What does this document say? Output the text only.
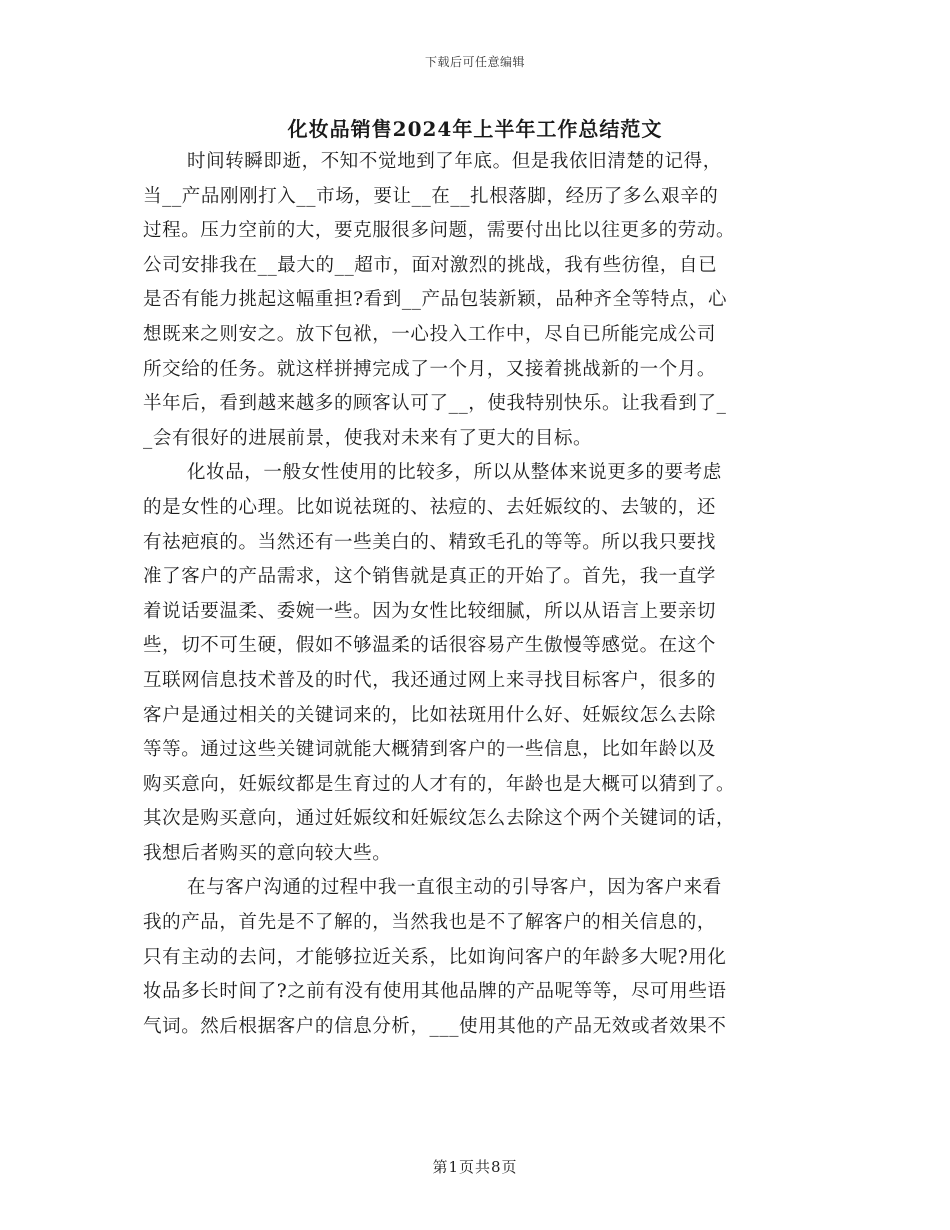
下载后可任意编辑
化妆品销售2024年上半年工作总结范文
时间转瞬即逝，不知不觉地到了年底。但是我依旧清楚的记得，
当__产品刚刚打入__市场，要让__在__扎根落脚，经历了多么艰辛的
过程。压力空前的大，要克服很多问题，需要付出比以往更多的劳动。
公司安排我在__最大的__超市，面对激烈的挑战，我有些彷徨，自已
是否有能力挑起这幅重担?看到__产品包装新颖，品种齐全等特点，心
想既来之则安之。放下包袱，一心投入工作中，尽自已所能完成公司
所交给的任务。就这样拼搏完成了一个月，又接着挑战新的一个月。
半年后，看到越来越多的顾客认可了__，使我特别快乐。让我看到了_
_会有很好的进展前景，使我对未来有了更大的目标。
化妆品，一般女性使用的比较多，所以从整体来说更多的要考虑
的是女性的心理。比如说祛斑的、祛痘的、去妊娠纹的、去皱的，还
有祛疤痕的。当然还有一些美白的、精致毛孔的等等。所以我只要找
准了客户的产品需求，这个销售就是真正的开始了。首先，我一直学
着说话要温柔、委婉一些。因为女性比较细腻，所以从语言上要亲切
些，切不可生硬，假如不够温柔的话很容易产生傲慢等感觉。在这个
互联网信息技术普及的时代，我还通过网上来寻找目标客户，很多的
客户是通过相关的关键词来的，比如祛斑用什么好、妊娠纹怎么去除
等等。通过这些关键词就能大概猜到客户的一些信息，比如年龄以及
购买意向，妊娠纹都是生育过的人才有的，年龄也是大概可以猜到了。
其次是购买意向，通过妊娠纹和妊娠纹怎么去除这个两个关键词的话，
我想后者购买的意向较大些。
在与客户沟通的过程中我一直很主动的引导客户，因为客户来看
我的产品，首先是不了解的，当然我也是不了解客户的相关信息的，
只有主动的去问，才能够拉近关系，比如询问客户的年龄多大呢?用化
妆品多长时间了?之前有没有使用其他品牌的产品呢等等，尽可用些语
气词。然后根据客户的信息分析，___使用其他的产品无效或者效果不
第1页共8页
